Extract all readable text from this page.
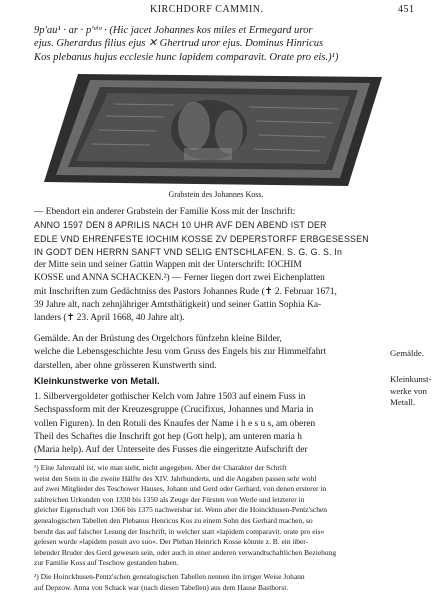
KIRCHDORF CAMMIN.	451
9p'au¹ · ar · p'ᵉⁱᵒ · (Hic jacet Johannes kos miles et Ermegard uror
ejus. Gherardus filius ejus ✕ Ghertrud uror ejus. Dominus Hinricus
Kos plebanus hujus ecclesie hunc lapidem comparavit. Orate pro eis.)¹)
Grabstein des Johannes Koss.
— Ebendort ein anderer Grabstein der Familie Koss mit der Inschrift:
ANNO 1597 DEN 8 APRILIS NACH 10 UHR AVF DEN ABEND IST DER
EDLE VND EHRENFESTE IOCHIM KOSSE ZV DEPERSTORFF ERBGESESSEN
IN GODT DEN HERRN SANFT VND SELIG ENTSCHLAFEN. S. G. G. S. In
der Mitte sein und seiner Gattin Wappen mit der Unterschrift: IOCHIM
KOSSE und ANNA SCHACKEN.²) — Ferner liegen dort zwei Eichenplatten
mit Inschriften zum Gedächtniss des Pastors Johannes Rude (✝ 2. Februar 1671,
39 Jahre alt, nach zehnjähriger Amtsthätigkeit) und seiner Gattin Sophia Ka-
landers (✝ 23. April 1668, 40 Jahre alt).
Gemälde. An der Brüstung des Orgelchors fünfzehn kleine Bilder,
welche die Lebensgeschichte Jesu vom Gruss des Engels bis zur Himmelfahrt
darstellen, aber ohne grösseren Kunstwerth sind.
Gemälde.
Kleinkunstwerke von Metall.
1. Silbervergoldeter gothischer Kelch vom Jahre 1503 auf einem Fuss in
Sechspassform mit der Kreuzesgruppe (Crucifixus, Johannes und Maria in
vollen Figuren). In den Rotuli des Knaufes der Name i h e s u s, am oberen
Theil des Schaftes die Inschrift got hep (Gott help), am unteren maria h
(Maria help). Auf der Unterseite des Fusses die eingeritzte Aufschrift der
Kleinkunst-
werke von
Metall.
¹) Eine Jahrezahl ist, wie man sieht, nicht angegeben. Aber der Charakter der Schrift
weist den Stein in die zweite Hälfte des XIV. Jahrhunderts, und die Angaben passen sehr wohl
auf zwei Mitglieder des Teschower Hauses, Johann und Gerd oder Gerhard, von denen ersterer in
zahlreichen Urkunden von 1330 bis 1350 als Zeuge der Fürsten von Werle und letzterer in
gleicher Eigenschaft von 1366 bis 1375 nachweisbar ist. Wenn aber die Hoinckhusen-Pentz'schen
genealogischen Tabellen den Plebanus Henricus Kos zu einem Sohn des Gerhard machen, so
beruht das auf falscher Lesung der Inschrift, in welcher statt »lapidem comparavit. orate pro eis«
gelesen wurde »lapidem posuit avo suo«. Der Pleban Heinrich Kosse könnte z. B. ein über-
lebender Bruder des Gerd gewesen sein, oder auch in einer anderen verwandtschaftlichen Beziehung
zur Familie Koss auf Teschow gestanden haben.
²) Die Hoinckhusen-Pentz'schen genealogischen Tabellen nennen ihn irriger Weise Johann
auf Depzow. Anna von Schack war (nach diesen Tabellen) aus dem Hause Basthorst.
